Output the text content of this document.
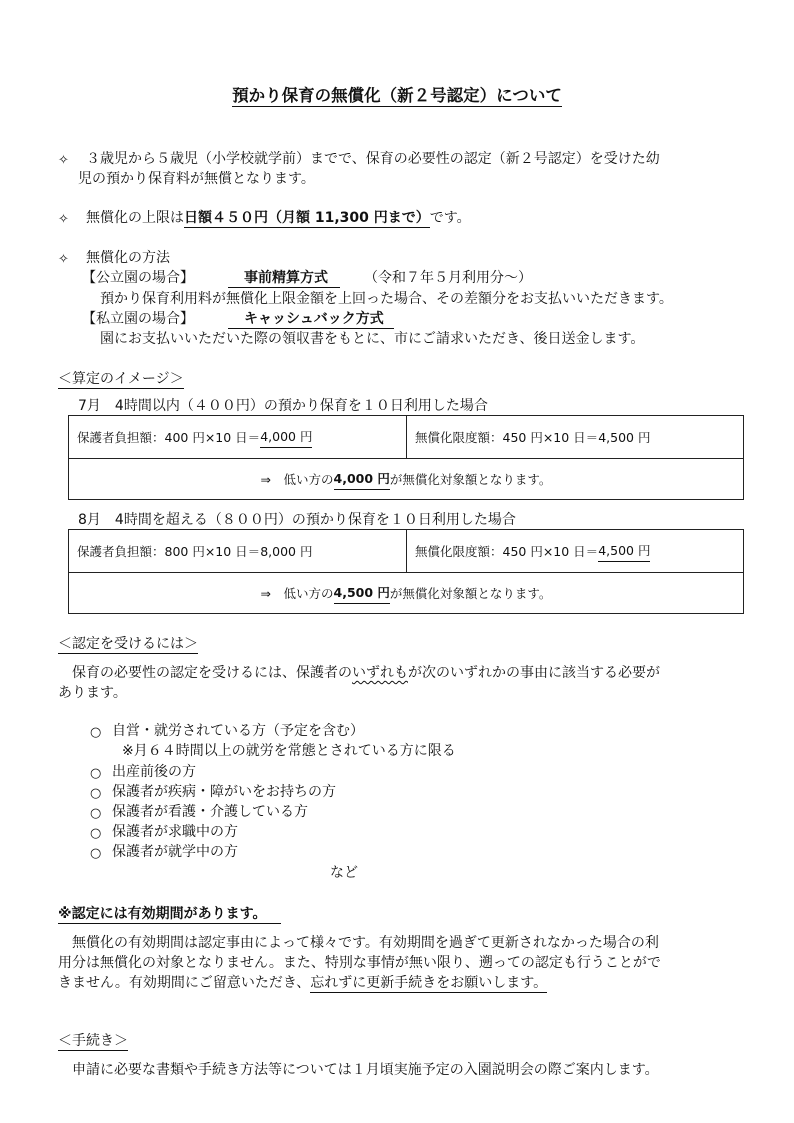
預かり保育の無償化（新２号認定）について
✧ ３歳児から５歳児（小学校就学前）までで、保育の必要性の認定（新２号認定）を受けた幼
児の預かり保育料が無償となります。
✧ 無償化の上限は日額４５０円（月額 11,300 円まで）です。
✧ 無償化の方法
【公立園の場合】	事前精算方式	（令和７年５月利用分～）
預かり保育利用料が無償化上限金額を上回った場合、その差額分をお支払いいただきます。
【私立園の場合】	キャッシュバック方式
園にお支払いいただいた際の領収書をもとに、市にご請求いただき、後日送金します。
＜算定のイメージ＞
7月　4時間以内（４００円）の預かり保育を１０日利用した場合
保護者負担額：400 円×10 日＝ 4,000 円	無償化限度額：450 円×10 日＝ 4,500 円
⇒　低い方の 4,000 円 が無償化対象額となります。
8月　4時間を超える（８００円）の預かり保育を１０日利用した場合
保護者負担額：800 円×10 日＝ 8,000 円	無償化限度額：450 円×10 日＝ 4,500 円
⇒　低い方の 4,500 円 が無償化対象額となります。
＜認定を受けるには＞
保育の必要性の認定を受けるには、保護者のいずれもが次のいずれかの事由に該当する必要が
あります。
○ 自営・就労されている方（予定を含む）
※月６４時間以上の就労を常態とされている方に限る
○ 出産前後の方
○ 保護者が疾病・障がいをお持ちの方
○ 保護者が看護・介護している方
○ 保護者が求職中の方
○ 保護者が就学中の方
など
※認定には有効期間があります。
無償化の有効期間は認定事由によって様々です。有効期間を過ぎて更新されなかった場合の利
用分は無償化の対象となりません。また、特別な事情が無い限り、遡っての認定も行うことがで
きません。有効期間にご留意いただき、忘れずに更新手続きをお願いします。
＜手続き＞
申請に必要な書類や手続き方法等については１月頃実施予定の入園説明会の際ご案内します。
